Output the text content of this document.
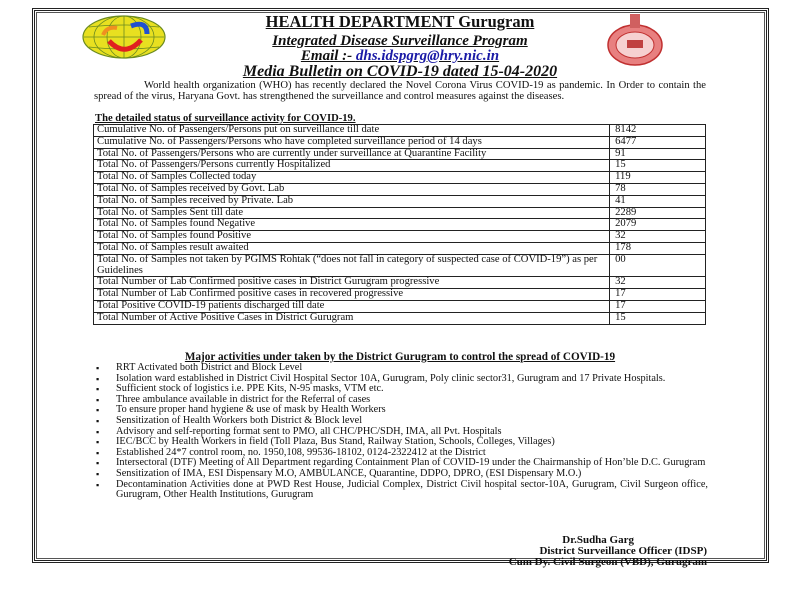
HEALTH DEPARTMENT Gurugram
Integrated Disease Surveillance Program
Email :- dhs.idspgrg@hry.nic.in
Media Bulletin on COVID-19 dated 15-04-2020

World health organization (WHO) has recently declared the Novel Corona Virus COVID-19 as pandemic. In Order to contain the spread of the virus, Haryana Govt. has strengthened the surveillance and control measures against the diseases.

The detailed status of surveillance activity for COVID-19.
Cumulative No. of Passengers/Persons put on surveillance till date	8142
Cumulative No. of Passengers/Persons who have completed surveillance period of 14 days	6477
Total No. of Passengers/Persons who are currently under surveillance at Quarantine Facility	91
Total No. of Passengers/Persons currently Hospitalized	15
Total No. of Samples Collected today	119
Total No. of Samples received by Govt. Lab	78
Total No. of Samples received by Private. Lab	41
Total No. of Samples Sent till date	2289
Total No. of Samples found Negative	2079
Total No. of Samples found Positive	32
Total No. of Samples result awaited	178
Total No. of Samples not taken by PGIMS Rohtak (“does not fall in category of suspected case of COVID-19”) as per Guidelines	00
Total Number of Lab Confirmed positive cases in District Gurugram progressive	32
Total Number of Lab Confirmed positive cases in recovered progressive	17
Total Positive COVID-19 patients discharged till date	17
Total Number of Active Positive Cases in District Gurugram	15
Major activities under taken by the District Gurugram to control the spread of COVID-19
▪ RRT Activated both District and Block Level
▪ Isolation ward established in District Civil Hospital Sector 10A, Gurugram, Poly clinic sector31, Gurugram and 17 Private Hospitals.
▪ Sufficient stock of logistics i.e. PPE Kits, N-95 masks, VTM etc.
▪ Three ambulance available in district for the Referral of cases
▪ To ensure proper hand hygiene & use of mask by Health Workers
▪ Sensitization of Health Workers both District & Block level
▪ Advisory and self-reporting format sent to PMO, all CHC/PHC/SDH, IMA, all Pvt. Hospitals
▪ IEC/BCC by Health Workers in field (Toll Plaza, Bus Stand, Railway Station, Schools, Colleges, Villages)
▪ Established 24*7 control room, no. 1950,108, 99536-18102, 0124-2322412 at the District
▪ Intersectoral (DTF) Meeting of All Department regarding Containment Plan of COVID-19 under the Chairmanship of Hon’ble D.C. Gurugram
▪ Sensitization of IMA, ESI Dispensary M.O, AMBULANCE, Quarantine, DDPO, DPRO, (ESI Dispensary M.O.)
▪ Decontamination Activities done at PWD Rest House, Judicial Complex, District Civil hospital sector-10A, Gurugram, Civil Surgeon office, Gurugram, Other Health Institutions, Gurugram
Dr.Sudha Garg
District Surveillance Officer (IDSP)
Cum Dy. Civil Surgeon (VBD), Gurugram
